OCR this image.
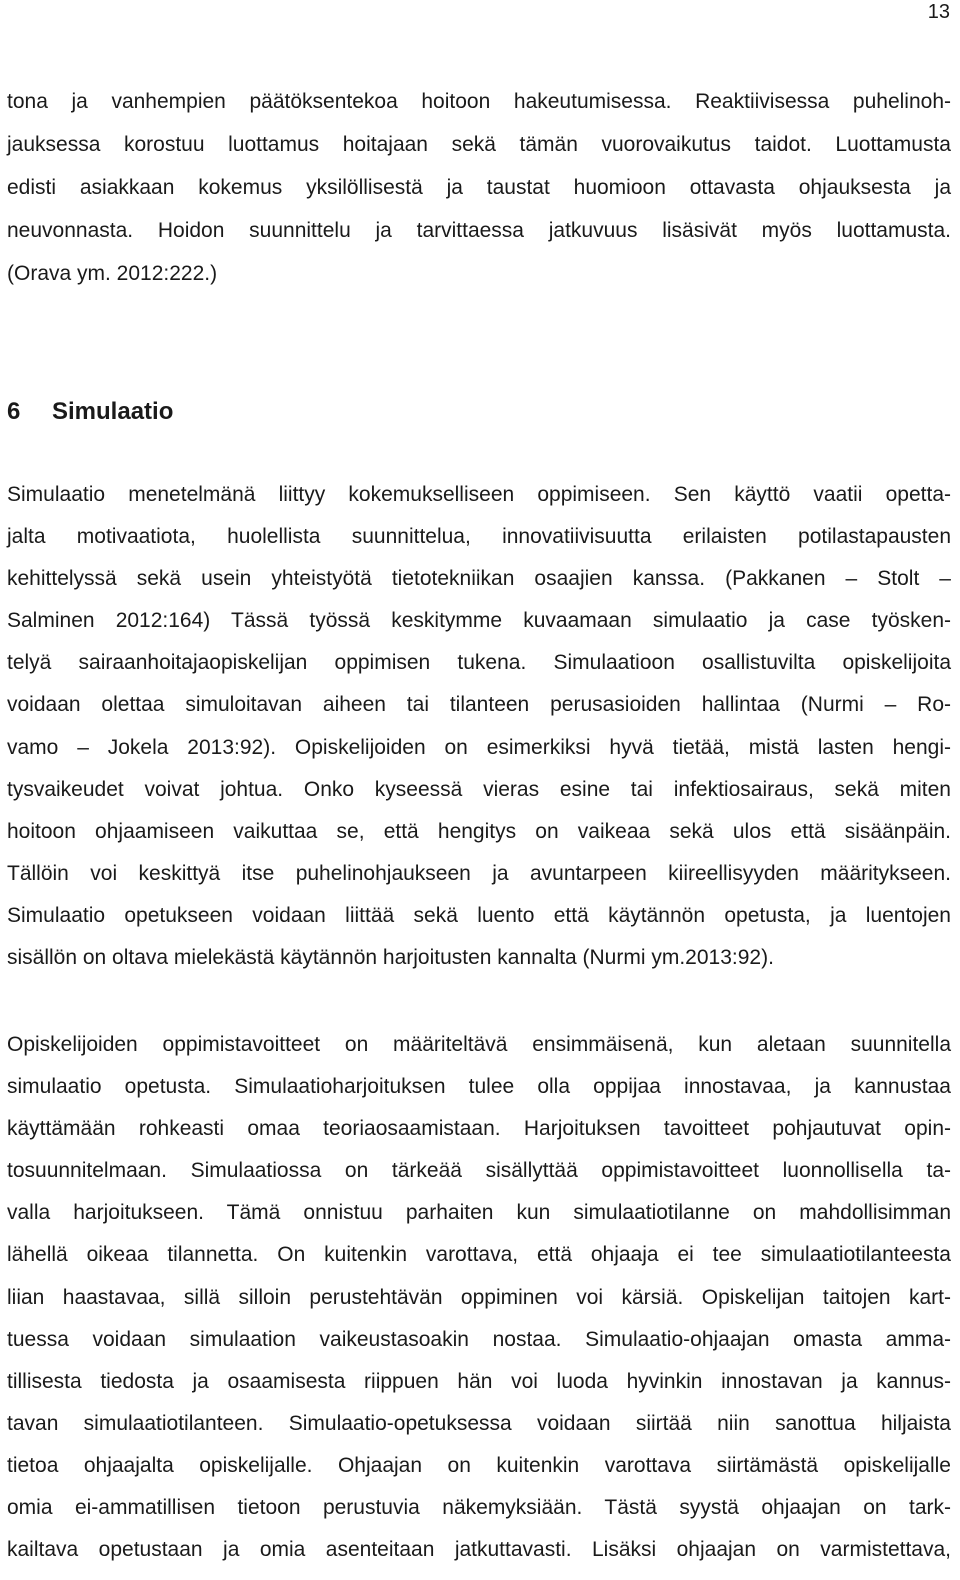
13
tona ja vanhempien päätöksentekoa hoitoon hakeutumisessa. Reaktiivisessa puhelinoh-
jauksessa korostuu luottamus hoitajaan sekä tämän vuorovaikutus taidot. Luottamusta
edisti asiakkaan kokemus yksilöllisestä ja taustat huomioon ottavasta ohjauksesta ja
neuvonnasta. Hoidon suunnittelu ja tarvittaessa jatkuvuus lisäsivät myös luottamusta.
(Orava ym. 2012:222.)
6 Simulaatio
Simulaatio menetelmänä liittyy kokemukselliseen oppimiseen. Sen käyttö vaatii opetta-
jalta motivaatiota, huolellista suunnittelua, innovatiivisuutta erilaisten potilastapausten
kehittelyssä sekä usein yhteistyötä tietotekniikan osaajien kanssa. (Pakkanen – Stolt –
Salminen 2012:164) Tässä työssä keskitymme kuvaamaan simulaatio ja case työsken-
telyä sairaanhoitajaopiskelijan oppimisen tukena. Simulaatioon osallistuvilta opiskelijoita
voidaan olettaa simuloitavan aiheen tai tilanteen perusasioiden hallintaa (Nurmi – Ro-
vamo – Jokela 2013:92). Opiskelijoiden on esimerkiksi hyvä tietää, mistä lasten hengi-
tysvaikeudet voivat johtua. Onko kyseessä vieras esine tai infektiosairaus, sekä miten
hoitoon ohjaamiseen vaikuttaa se, että hengitys on vaikeaa sekä ulos että sisäänpäin.
Tällöin voi keskittyä itse puhelinohjaukseen ja avuntarpeen kiireellisyyden määritykseen.
Simulaatio opetukseen voidaan liittää sekä luento että käytännön opetusta, ja luentojen
sisällön on oltava mielekästä käytännön harjoitusten kannalta (Nurmi ym.2013:92).
Opiskelijoiden oppimistavoitteet on määriteltävä ensimmäisenä, kun aletaan suunnitella
simulaatio opetusta. Simulaatioharjoituksen tulee olla oppijaa innostavaa, ja kannustaa
käyttämään rohkeasti omaa teoriaosaamistaan. Harjoituksen tavoitteet pohjautuvat opin-
tosuunnitelmaan. Simulaatiossa on tärkeää sisällyttää oppimistavoitteet luonnollisella ta-
valla harjoitukseen. Tämä onnistuu parhaiten kun simulaatiotilanne on mahdollisimman
lähellä oikeaa tilannetta. On kuitenkin varottava, että ohjaaja ei tee simulaatiotilanteesta
liian haastavaa, sillä silloin perustehtävän oppiminen voi kärsiä. Opiskelijan taitojen kart-
tuessa voidaan simulaation vaikeustasoakin nostaa. Simulaatio-ohjaajan omasta amma-
tillisesta tiedosta ja osaamisesta riippuen hän voi luoda hyvinkin innostavan ja kannus-
tavan simulaatiotilanteen. Simulaatio-opetuksessa voidaan siirtää niin sanottua hiljaista
tietoa ohjaajalta opiskelijalle. Ohjaajan on kuitenkin varottava siirtämästä opiskelijalle
omia ei-ammatillisen tietoon perustuvia näkemyksiään. Tästä syystä ohjaajan on tark-
kailtava opetustaan ja omia asenteitaan jatkuttavasti. Lisäksi ohjaajan on varmistettava,
